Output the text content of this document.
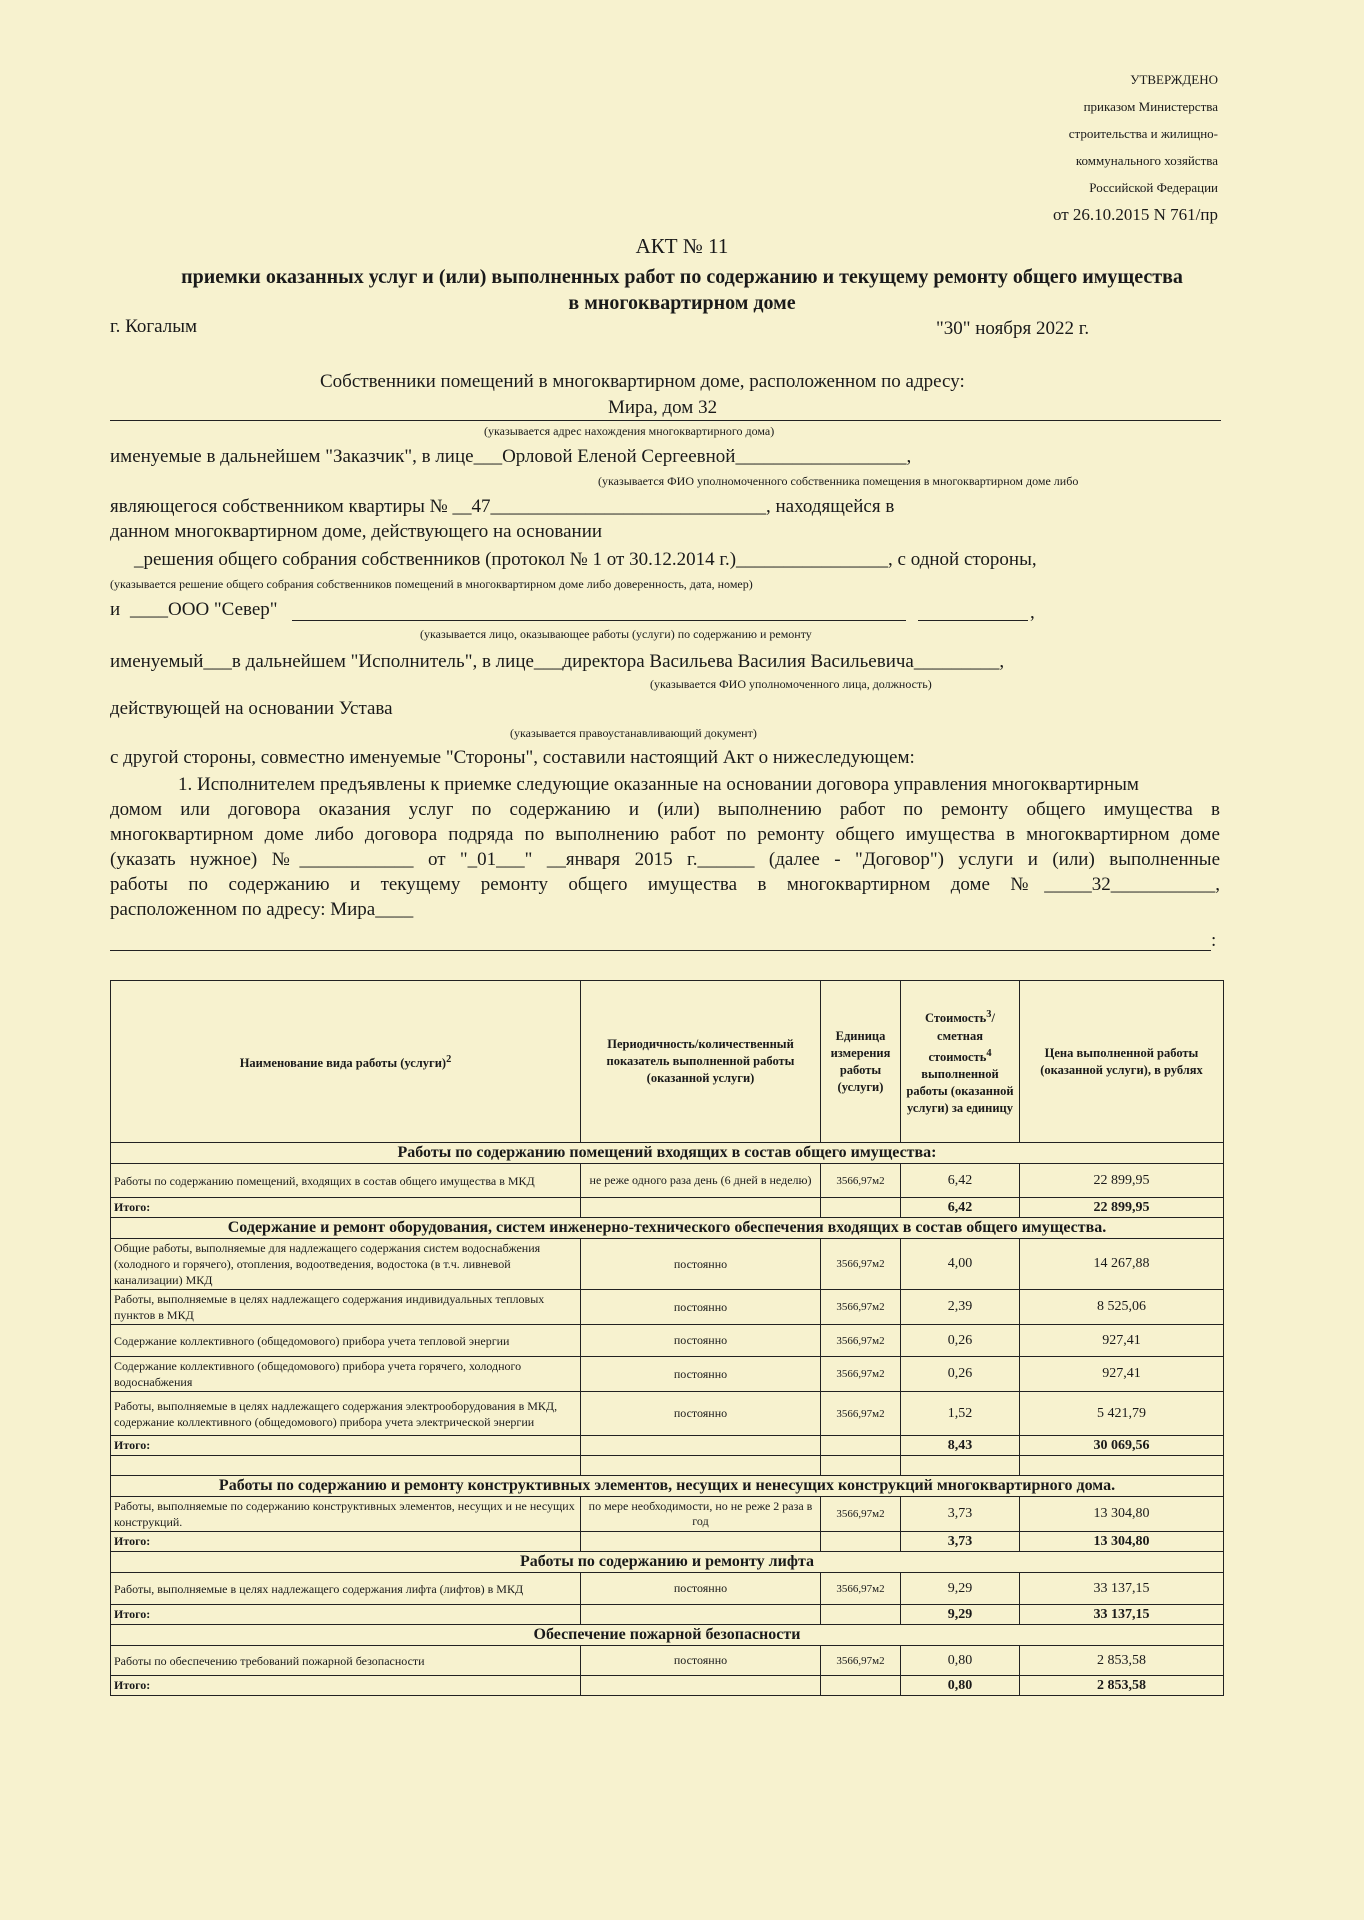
УТВЕРЖДЕНО
приказом Министерства
строительства и жилищно-
коммунального хозяйства
Российской Федерации
от 26.10.2015 N 761/пр
АКТ № 11
приемки оказанных услуг и (или) выполненных работ по содержанию и текущему ремонту общего имущества
в многоквартирном доме
г. Когалым	"30" ноября 2022 г.
Собственники помещений в многоквартирном доме, расположенном по адресу:
Мира, дом 32
(указывается адрес нахождения многоквартирного дома)
именуемые в дальнейшем "Заказчик", в лице___Орловой Еленой Сергеевной__________________,
(указывается ФИО уполномоченного собственника помещения в многоквартирном доме либо
являющегося собственником квартиры № __47_____________________________, находящейся в
данном многоквартирном доме, действующего на основании
_решения общего собрания собственников (протокол № 1 от 30.12.2014 г.)________________, с одной стороны,
(указывается решение общего собрания собственников помещений в многоквартирном доме либо доверенность, дата, номер)
и ____ООО "Север"	,
(указывается лицо, оказывающее работы (услуги) по содержанию и ремонту
именуемый___в дальнейшем "Исполнитель", в лице___директора Васильева Василия Васильевича_________,
(указывается ФИО уполномоченного лица, должность)
действующей на основании Устава
(указывается правоустанавливающий документ)
с другой стороны, совместно именуемые "Стороны", составили настоящий Акт о нижеследующем:

1. Исполнителем предъявлены к приемке следующие оказанные на основании договора управления многоквартирным

домом или договора оказания услуг по содержанию и (или) выполнению работ по ремонту общего имущества в

многоквартирном доме либо договора подряда по выполнению работ по ремонту общего имущества в многоквартирном доме

(указать нужное) №____________ от "_01___" __января 2015 г.______ (далее - "Договор") услуги и (или) выполненные

работы по содержанию и текущему ремонту общего имущества в многоквартирном доме №_____32___________,

расположенном по адресу: Мира____

:
Наименование вида работы (услуги)$^2$	Периодичность/количественный показатель выполненной работы (оказанной услуги)	Единица измерения работы (услуги)	Стоимость$^3$/сметная стоимость$^4$ выполненной работы (оказанной услуги) за единицу	Цена выполненной работы (оказанной услуги), в рублях
Работы по содержанию помещений входящих в состав общего имущества:				
Работы по содержанию помещений, входящих в состав общего имущества в МКД	не реже одного раза день (6 дней в неделю)	3566,97м2	6,42	22 899,95
Итого:			6,42	22 899,95
Содержание и ремонт оборудования, систем инженерно-технического обеспечения входящих в состав общего имущества.				
Общие работы, выполняемые для надлежащего содержания систем водоснабжения (холодного и горячего), отопления, водоотведения, водостока (в т.ч. ливневой канализации) МКД	постоянно	3566,97м2	4,00	14 267,88
Работы, выполняемые в целях надлежащего содержания индивидуальных тепловых пунктов в МКД	постоянно	3566,97м2	2,39	8 525,06
Содержание коллективного (общедомового) прибора учета тепловой энергии	постоянно	3566,97м2	0,26	927,41
Содержание коллективного (общедомового) прибора учета горячего, холодного водоснабжения	постоянно	3566,97м2	0,26	927,41
Работы, выполняемые в целях надлежащего содержания электрооборудования в МКД, содержание коллективного (общедомового) прибора учета электрической энергии	постоянно	3566,97м2	1,52	5 421,79
Итого:			8,43	30 069,56

Работы по содержанию и ремонту конструктивных элементов, несущих и ненесущих конструкций многоквартирного дома.				
Работы, выполняемые по содержанию конструктивных элементов, несущих и не несущих конструкций.	по мере необходимости, но не реже 2 раза в год	3566,97м2	3,73	13 304,80
Итого:			3,73	13 304,80
Работы по содержанию и ремонту лифта				
Работы, выполняемые в целях надлежащего содержания лифта (лифтов) в МКД	постоянно	3566,97м2	9,29	33 137,15
Итого:			9,29	33 137,15
Обеспечение пожарной безопасности				
Работы по обеспечению требований пожарной безопасности	постоянно	3566,97м2	0,80	2 853,58
Итого:			0,80	2 853,58
